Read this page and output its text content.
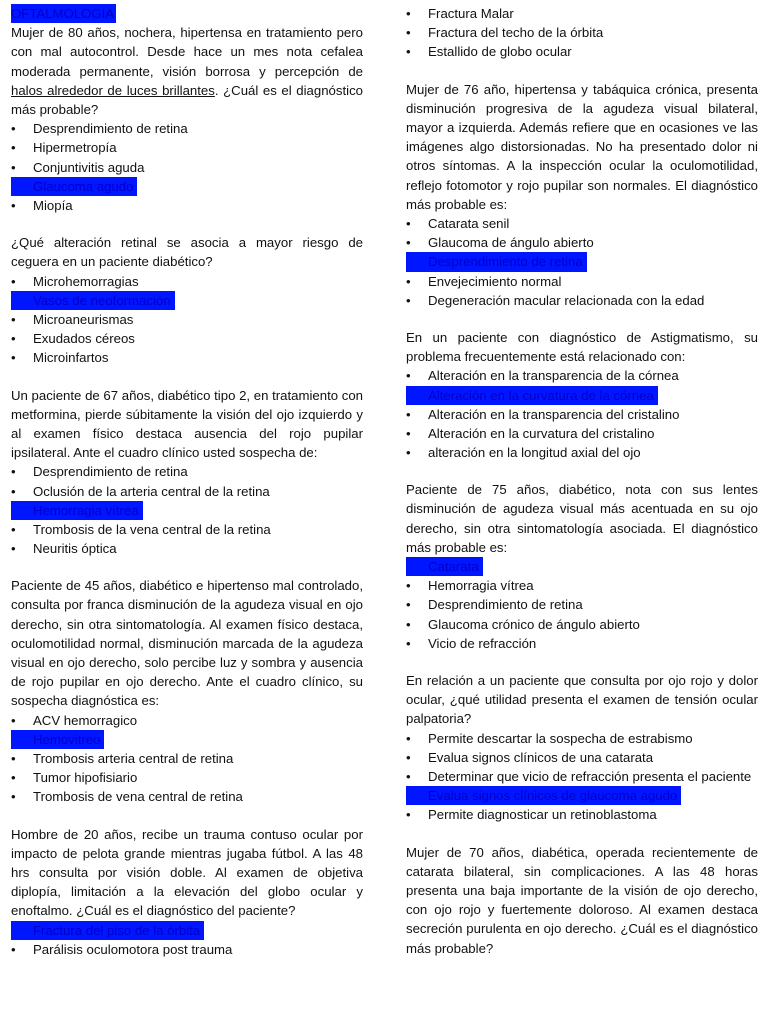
OFTALMOLOGIA

Mujer de 80 años, nochera, hipertensa en tratamiento pero con mal autocontrol. Desde hace un mes nota cefalea moderada permanente, visión borrosa y percepción de halos alrededor de luces brillantes. ¿Cuál es el diagnóstico más probable?

•	Desprendimiento de retina
•	Hipermetropía
•	Conjuntivitis aguda
Glaucoma agudo
•	Miopía

¿Qué alteración retinal se asocia a mayor riesgo de ceguera en un paciente diabético?

•	Microhemorragias
Vasos de neoformación
•	Microaneurismas
•	Exudados céreos
•	Microinfartos

Un paciente de 67 años, diabético tipo 2, en tratamiento con metformina, pierde súbitamente la visión del ojo izquierdo y al examen físico destaca ausencia del rojo pupilar ipsilateral. Ante el cuadro clínico usted sospecha de:

•	Desprendimiento de retina
•	Oclusión de la arteria central de la retina
Hemorragia vítrea
•	Trombosis de la vena central de la retina
•	Neuritis óptica

Paciente de 45 años, diabético e hipertenso mal controlado, consulta por franca disminución de la agudeza visual en ojo derecho, sin otra sintomatología. Al examen físico destaca, oculomotilidad normal, disminución marcada de la agudeza visual en ojo derecho, solo percibe luz y sombra y ausencia de rojo pupilar en ojo derecho. Ante el cuadro clínico, su sospecha diagnóstica es:

•	ACV hemorragico
Hemovitreo
•	Trombosis arteria central de retina
•	Tumor hipofisiario
•	Trombosis de vena central de retina

Hombre de 20 años, recibe un trauma contuso ocular por impacto de pelota grande mientras jugaba fútbol. A las 48 hrs consulta por visión doble. Al examen de objetiva diplopía, limitación a la elevación del globo ocular y enoftalmo. ¿Cuál es el diagnóstico del paciente?

Fractura del piso de la órbita
•	Parálisis oculomotora post trauma
•	Fractura Malar
•	Fractura del techo de la órbita
•	Estallido de globo ocular

Mujer de 76 año, hipertensa y tabáquica crónica, presenta disminución progresiva de la agudeza visual bilateral, mayor a izquierda. Además refiere que en ocasiones ve las imágenes algo distorsionadas. No ha presentado dolor ni otros síntomas. A la inspección ocular la oculomotilidad, reflejo fotomotor y rojo pupilar son normales. El diagnóstico más probable es:

•	Catarata senil
•	Glaucoma de ángulo abierto
Desprendimiento de retina
•	Envejecimiento normal
•	Degeneración macular relacionada con la edad

En un paciente con diagnóstico de Astigmatismo, su problema frecuentemente está relacionado con:

•	Alteración en la transparencia de la córnea
Alteración en la curvatura de la córnea
•	Alteración en la transparencia del cristalino
•	Alteración en la curvatura del cristalino
•	alteración en la longitud axial del ojo

Paciente de 75 años, diabético, nota con sus lentes disminución de agudeza visual más acentuada en su ojo derecho, sin otra sintomatología asociada. El diagnóstico más probable es:

Catarata
•	Hemorragia vítrea
•	Desprendimiento de retina
•	Glaucoma crónico de ángulo abierto
•	Vicio de refracción

En relación a un paciente que consulta por ojo rojo y dolor ocular, ¿qué utilidad presenta el examen de tensión ocular palpatoria?

•	Permite descartar la sospecha de estrabismo
•	Evalua signos clínicos de una catarata
•	Determinar que vicio de refracción presenta el paciente
Evalua signos clínicos de glaucoma agudo
•	Permite diagnosticar un retinoblastoma

Mujer de 70 años, diabética, operada recientemente de catarata bilateral, sin complicaciones. A las 48 horas presenta una baja importante de la visión de ojo derecho, con ojo rojo y fuertemente doloroso. Al examen destaca secreción purulenta en ojo derecho. ¿Cuál es el diagnóstico más probable?
